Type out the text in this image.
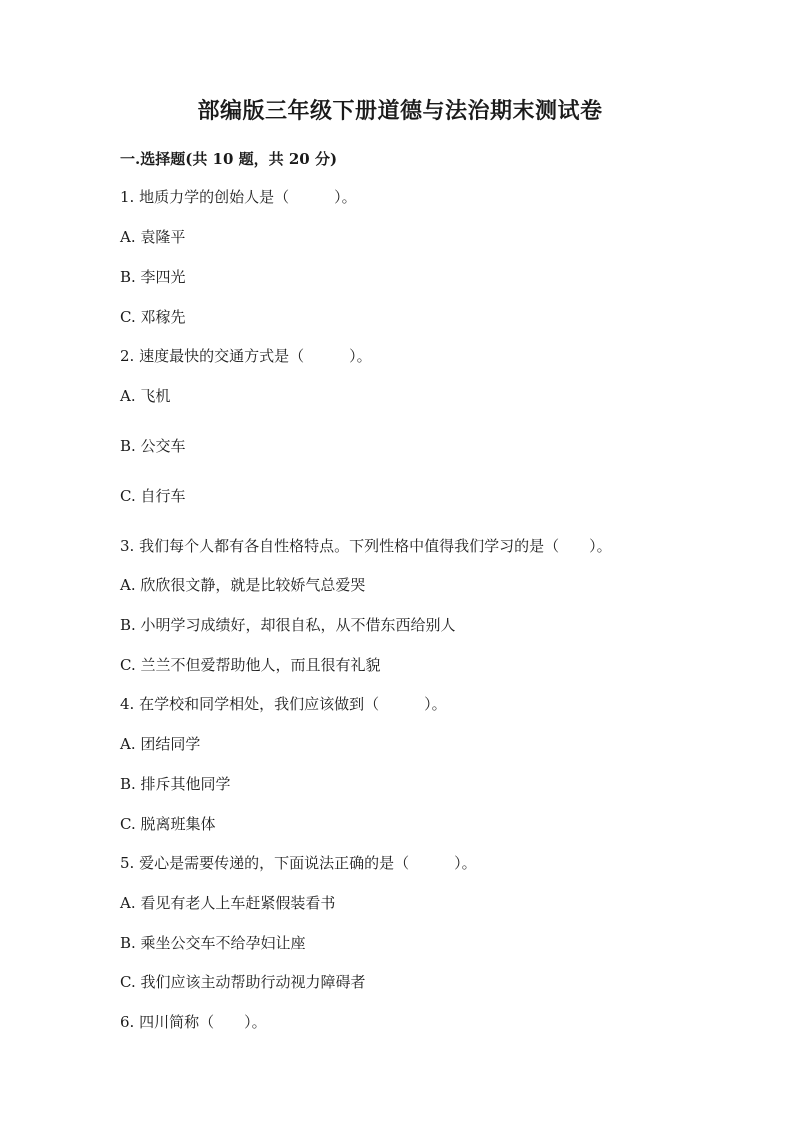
部编版三年级下册道德与法治期末测试卷
一.选择题(共 10 题，共 20 分)
1. 地质力学的创始人是（　　　）。
A. 袁隆平
B. 李四光
C. 邓稼先
2. 速度最快的交通方式是（　　　）。
A. 飞机
B. 公交车
C. 自行车
3. 我们每个人都有各自性格特点。下列性格中值得我们学习的是（　　）。
A. 欣欣很文静，就是比较娇气总爱哭
B. 小明学习成绩好，却很自私，从不借东西给别人
C. 兰兰不但爱帮助他人，而且很有礼貌
4. 在学校和同学相处，我们应该做到（　　　）。
A. 团结同学
B. 排斥其他同学
C. 脱离班集体
5. 爱心是需要传递的，下面说法正确的是（　　　）。
A. 看见有老人上车赶紧假装看书
B. 乘坐公交车不给孕妇让座
C. 我们应该主动帮助行动视力障碍者
6. 四川简称（　　）。
